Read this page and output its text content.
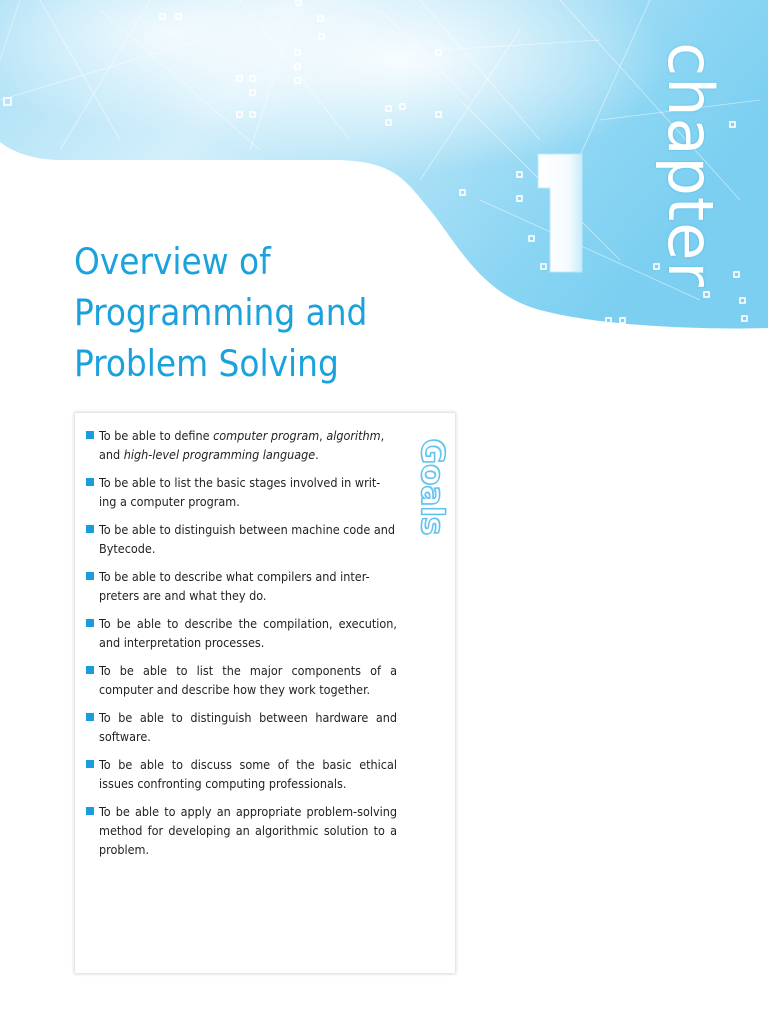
chapter
Overview of
Programming and
Problem Solving
To be able to define computer program, algorithm, and high-level programming language.
To be able to list the basic stages involved in writ-ing a computer program.
To be able to distinguish between machine code and Bytecode.
To be able to describe what compilers and inter-preters are and what they do.
To be able to describe the compilation, execution, and interpretation processes.
To be able to list the major components of a computer and describe how they work together.
To be able to distinguish between hardware and software.
To be able to discuss some of the basic ethical issues confronting computing professionals.
To be able to apply an appropriate problem-solving method for developing an algorithmic solution to a problem.
Goals
